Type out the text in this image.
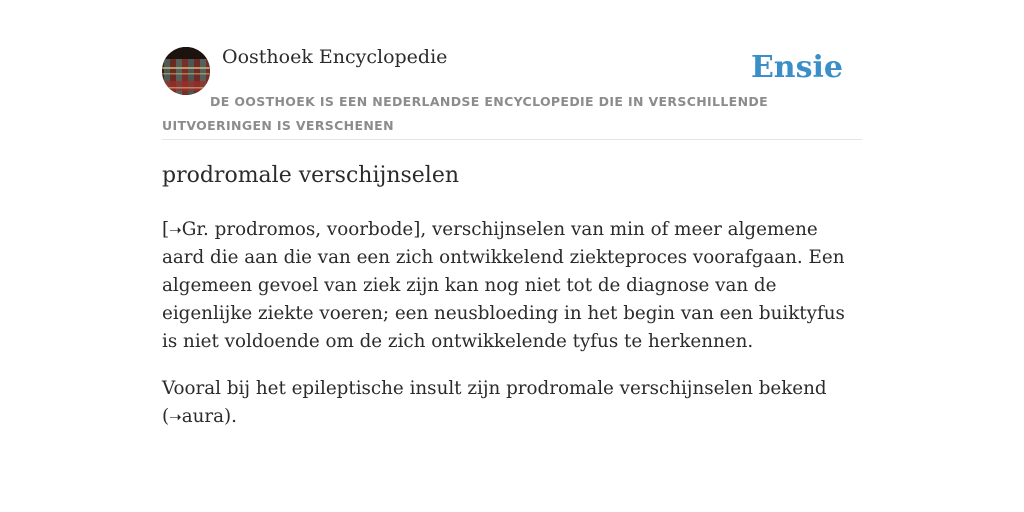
Oosthoek Encyclopedie	Ensie

DE OOSTHOEK IS EEN NEDERLANDSE ENCYCLOPEDIE DIE IN VERSCHILLENDE UITVOERINGEN IS VERSCHENEN

prodromale verschijnselen

[➝Gr. prodromos, voorbode], verschijnselen van min of meer algemene aard die aan die van een zich ontwikkelend ziekteproces voorafgaan. Een algemeen gevoel van ziek zijn kan nog niet tot de diagnose van de eigenlijke ziekte voeren; een neusbloeding in het begin van een buiktyfus is niet voldoende om de zich ontwikkelende tyfus te herkennen.

Vooral bij het epileptische insult zijn prodromale verschijnselen bekend (➝aura).
